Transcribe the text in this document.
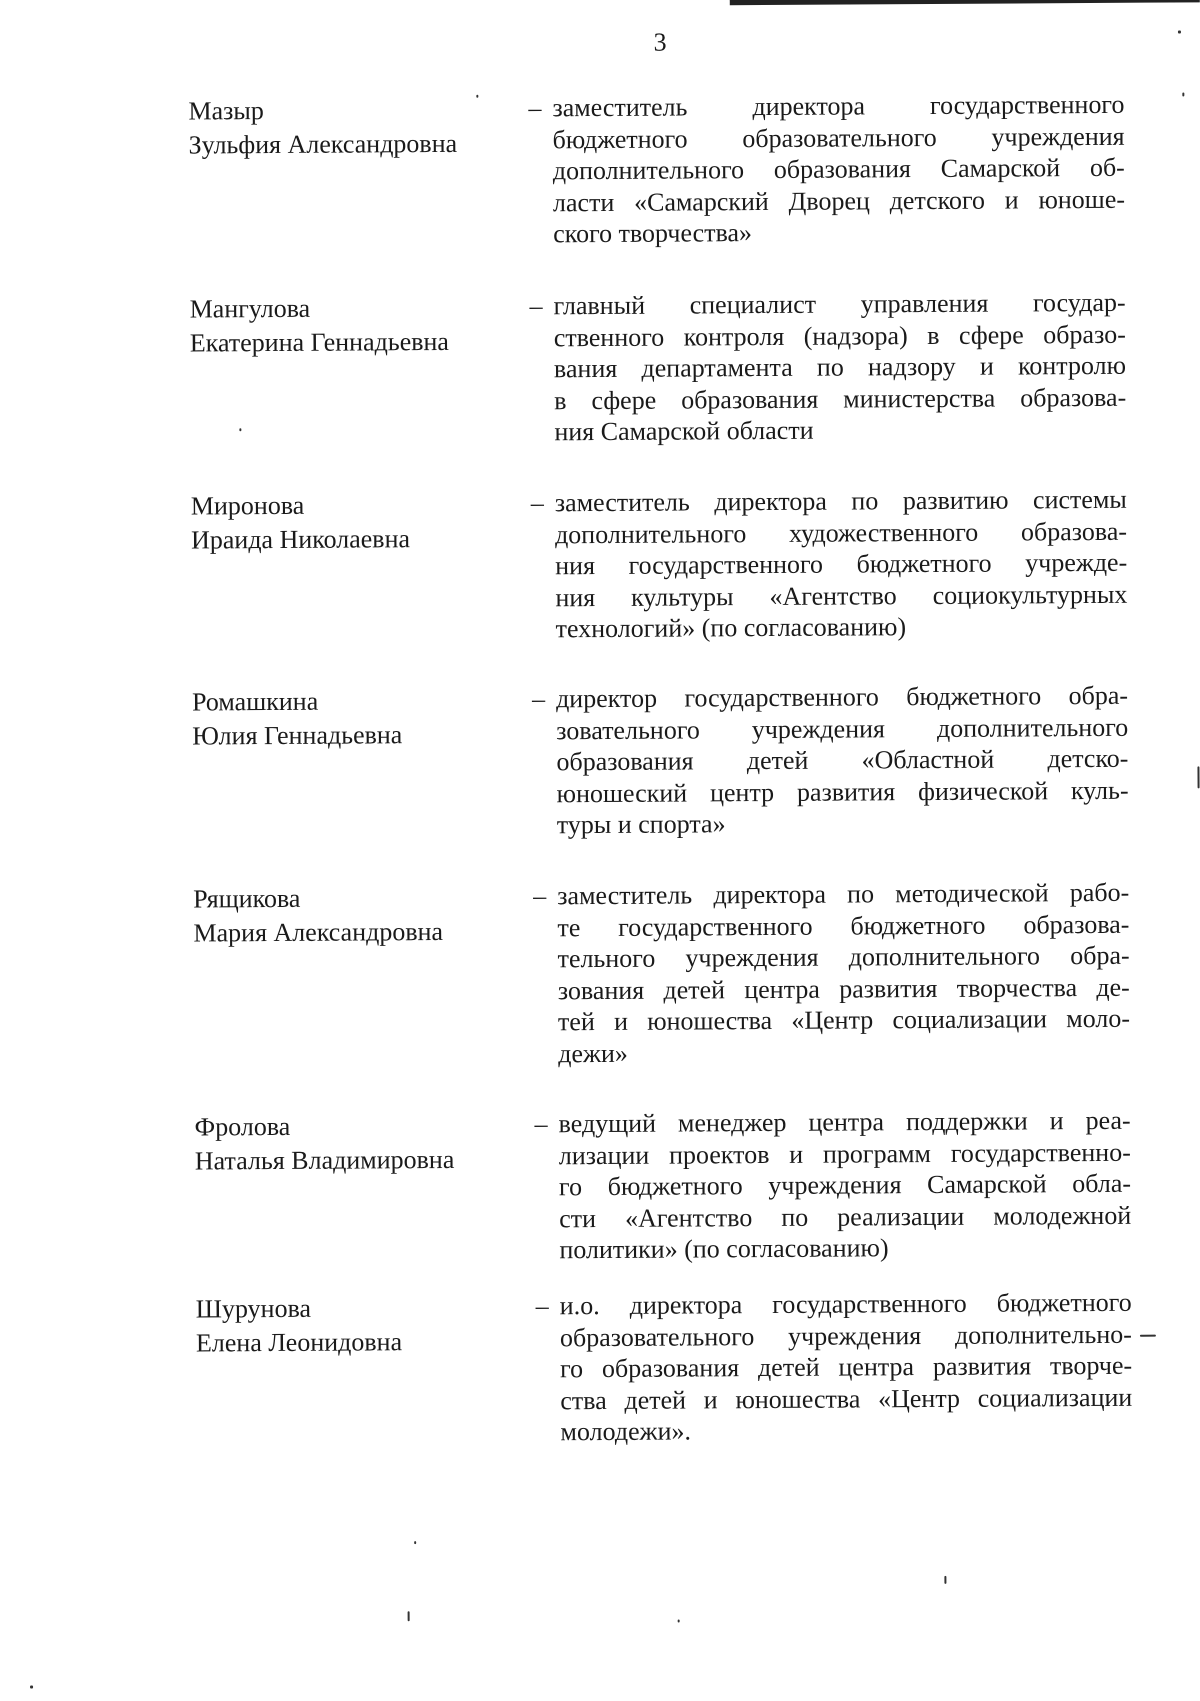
3
Мазыр
Зульфия Александровна
– заместитель директора государственного
бюджетного образовательного учреждения
дополнительного образования Самарской об-
ласти «Самарский Дворец детского и юноше-
ского творчества»
Мангулова
Екатерина Геннадьевна
– главный специалист управления государ-
ственного контроля (надзора) в сфере образо-
вания департамента по надзору и контролю
в сфере образования министерства образова-
ния Самарской области
Миронова
Ираида Николаевна
– заместитель директора по развитию системы
дополнительного художественного образова-
ния государственного бюджетного учрежде-
ния культуры «Агентство социокультурных
технологий» (по согласованию)
Ромашкина
Юлия Геннадьевна
– директор государственного бюджетного обра-
зовательного учреждения дополнительного
образования детей «Областной детско-
юношеский центр развития физической куль-
туры и спорта»
Рящикова
Мария Александровна
– заместитель директора по методической рабо-
те государственного бюджетного образова-
тельного учреждения дополнительного обра-
зования детей центра развития творчества де-
тей и юношества «Центр социализации моло-
дежи»
Фролова
Наталья Владимировна
– ведущий менеджер центра поддержки и реа-
лизации проектов и программ государственно-
го бюджетного учреждения Самарской обла-
сти «Агентство по реализации молодежной
политики» (по согласованию)
Шурунова
Елена Леонидовна
– и.о. директора государственного бюджетного
образовательного учреждения дополнительно-
го образования детей центра развития творче-
ства детей и юношества «Центр социализации
молодежи».
